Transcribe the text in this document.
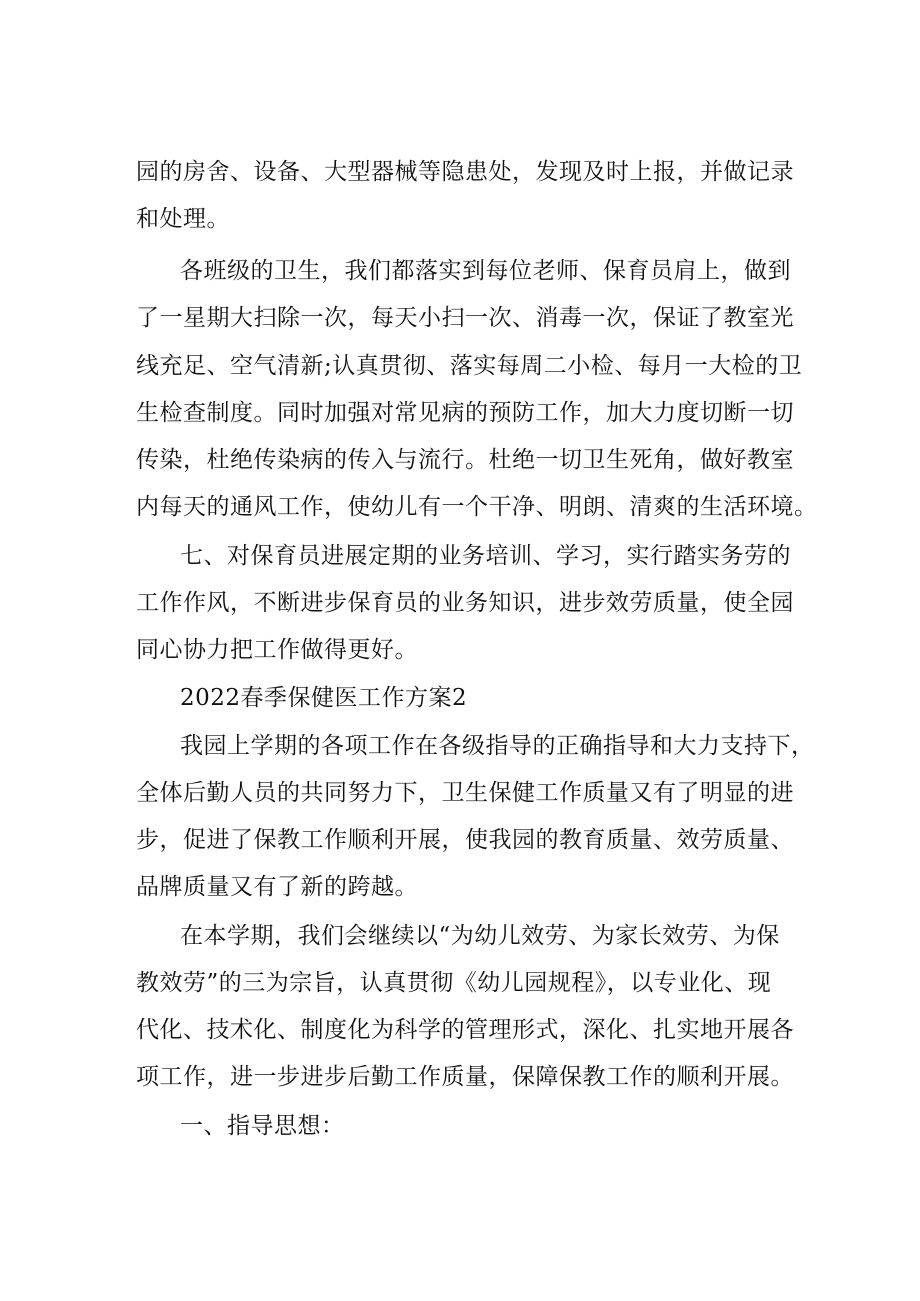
园的房舍、设备、大型器械等隐患处，发现及时上报，并做记录
和处理。
各班级的卫生，我们都落实到每位老师、保育员肩上，做到
了一星期大扫除一次，每天小扫一次、消毒一次，保证了教室光
线充足、空气清新;认真贯彻、落实每周二小检、每月一大检的卫
生检查制度。同时加强对常见病的预防工作，加大力度切断一切
传染，杜绝传染病的传入与流行。杜绝一切卫生死角，做好教室
内每天的通风工作，使幼儿有一个干净、明朗、清爽的生活环境。
七、对保育员进展定期的业务培训、学习，实行踏实务劳的
工作作风，不断进步保育员的业务知识，进步效劳质量，使全园
同心协力把工作做得更好。
2022春季保健医工作方案2
我园上学期的各项工作在各级指导的正确指导和大力支持下，
全体后勤人员的共同努力下，卫生保健工作质量又有了明显的进
步，促进了保教工作顺利开展，使我园的教育质量、效劳质量、
品牌质量又有了新的跨越。
在本学期，我们会继续以“为幼儿效劳、为家长效劳、为保
教效劳”的三为宗旨，认真贯彻《幼儿园规程》，以专业化、现
代化、技术化、制度化为科学的管理形式，深化、扎实地开展各
项工作，进一步进步后勤工作质量，保障保教工作的顺利开展。
一、指导思想：
